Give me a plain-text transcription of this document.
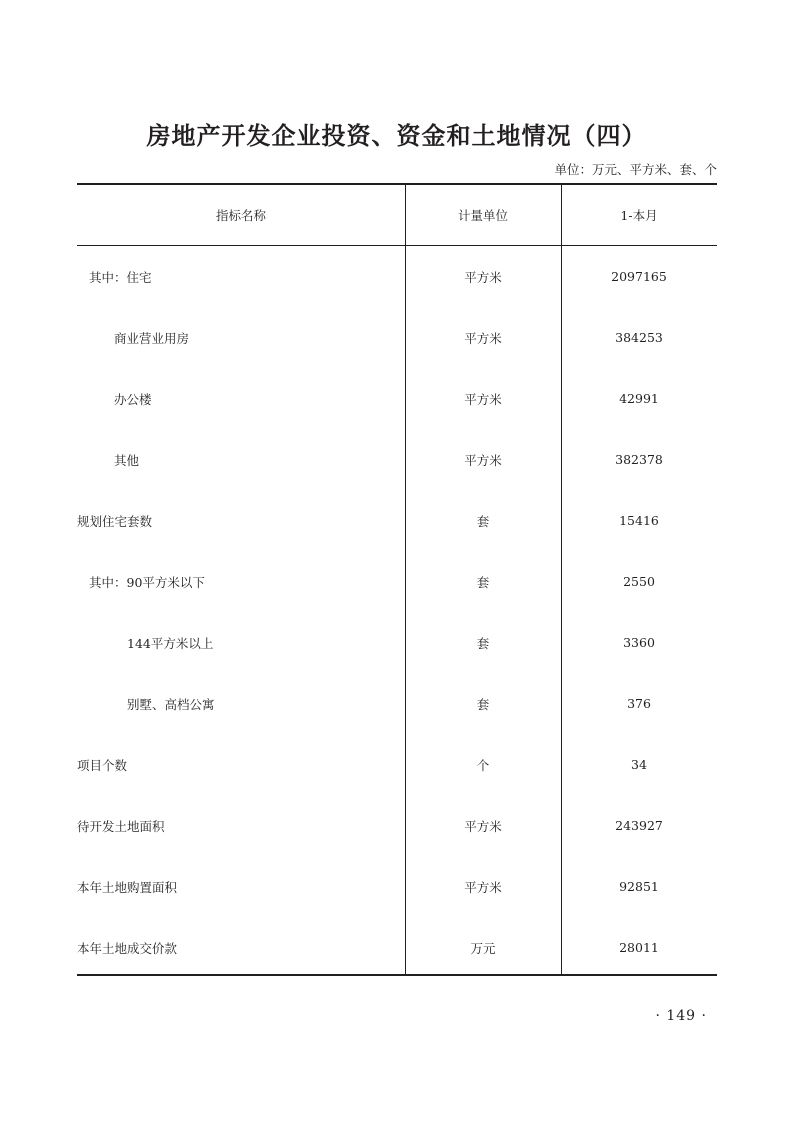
房地产开发企业投资、资金和土地情况（四）
单位：万元、平方米、套、个
指标名称	计量单位	1-本月
其中：住宅	平方米	2097165
商业营业用房	平方米	384253
办公楼	平方米	42991
其他	平方米	382378
规划住宅套数	套	15416
其中：90平方米以下	套	2550
144平方米以上	套	3360
别墅、高档公寓	套	376
项目个数	个	34
待开发土地面积	平方米	243927
本年土地购置面积	平方米	92851
本年土地成交价款	万元	28011
· 149 ·
